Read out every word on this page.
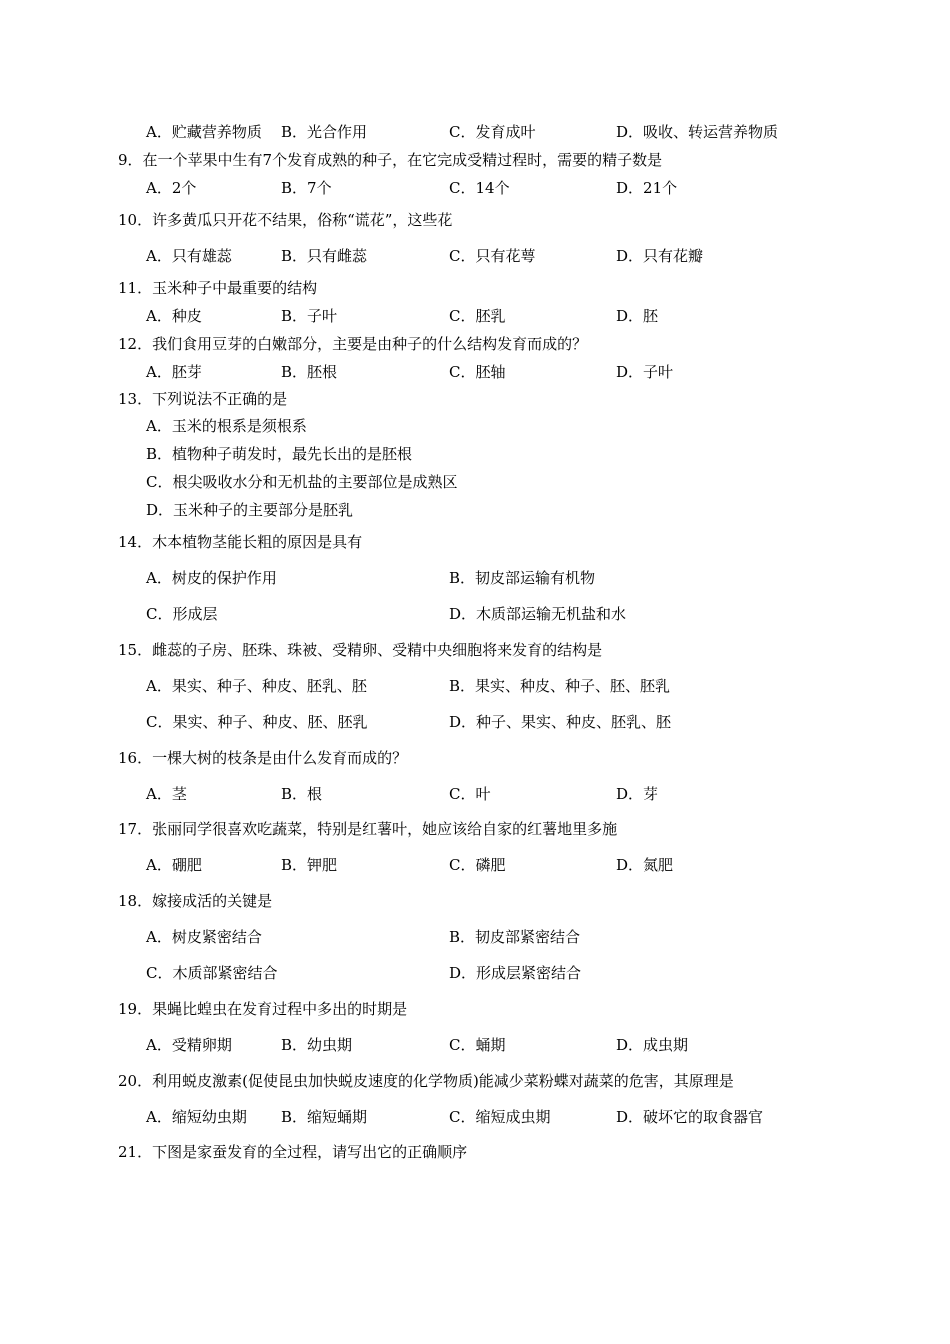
A．贮藏营养物质 B．光合作用	C．发育成叶	D．吸收、转运营养物质
9．在一个苹果中生有7个发育成熟的种子，在它完成受精过程时，需要的精子数是
A．2个	B．7个	C．14个	D．21个
10．许多黄瓜只开花不结果，俗称“谎花”，这些花
A．只有雄蕊	B．只有雌蕊	C．只有花萼	D．只有花瓣
11．玉米种子中最重要的结构
A．种皮	B．子叶	C．胚乳	D．胚
12．我们食用豆芽的白嫩部分，主要是由种子的什么结构发育而成的？
A．胚芽	B．胚根	C．胚轴	D．子叶
13．下列说法不正确的是
A．玉米的根系是须根系
B．植物种子萌发时，最先长出的是胚根
C．根尖吸收水分和无机盐的主要部位是成熟区
D．玉米种子的主要部分是胚乳
14．木本植物茎能长粗的原因是具有
A．树皮的保护作用	B．韧皮部运输有机物
C．形成层	D．木质部运输无机盐和水
15．雌蕊的子房、胚珠、珠被、受精卵、受精中央细胞将来发育的结构是
A．果实、种子、种皮、胚乳、胚	B．果实、种皮、种子、胚、胚乳
C．果实、种子、种皮、胚、胚乳	D．种子、果实、种皮、胚乳、胚
16．一棵大树的枝条是由什么发育而成的？
A．茎	B．根	C．叶	D．芽
17．张丽同学很喜欢吃蔬菜，特别是红薯叶，她应该给自家的红薯地里多施
A．硼肥	B．钾肥	C．磷肥	D．氮肥
18．嫁接成活的关键是
A．树皮紧密结合	B．韧皮部紧密结合
C．木质部紧密结合	D．形成层紧密结合
19．果蝇比蝗虫在发育过程中多出的时期是
A．受精卵期	B．幼虫期	C．蛹期	D．成虫期
20．利用蜕皮激素(促使昆虫加快蜕皮速度的化学物质)能减少菜粉蝶对蔬菜的危害，其原理是
A．缩短幼虫期 B．缩短蛹期	C．缩短成虫期	D．破坏它的取食器官
21．下图是家蚕发育的全过程，请写出它的正确顺序
